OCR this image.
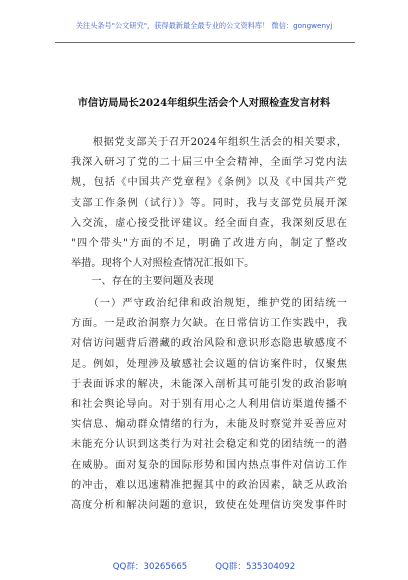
关注头条号"公文研究"，获得最新最全最专业的公文资料库！ 微信：gongwenyj
市信访局局长2024年组织生活会个人对照检查发言材料
　　根据党支部关于召开2024年组织生活会的相关要求，
我深入研习了党的二十届三中全会精神，全面学习党内法
规，包括《中国共产党章程》《条例》以及《中国共产党
支部工作条例（试行）》等。同时，我与支部党员展开深
入交流，虚心接受批评建议。经全面自查，我深刻反思在
"四个带头"方面的不足，明确了改进方向，制定了整改
举措。现将个人对照检查情况汇报如下。
　　一、存在的主要问题及表现
　　（一）严守政治纪律和政治规矩，维护党的团结统一
方面。一是政治洞察力欠缺。在日常信访工作实践中，我
对信访问题背后潜藏的政治风险和意识形态隐患敏感度不
足。例如，处理涉及敏感社会议题的信访案件时，仅聚焦
于表面诉求的解决，未能深入剖析其可能引发的政治影响
和社会舆论导向。对于别有用心之人利用信访渠道传播不
实信息、煽动群众情绪的行为，未能及时察觉并妥善应对
未能充分认识到这类行为对社会稳定和党的团结统一的潜
在威胁。面对复杂的国际形势和国内热点事件对信访工作
的冲击，难以迅速精准把握其中的政治因素，缺乏从政治
高度分析和解决问题的意识，致使在处理信访突发事件时
QQ群：30265665	QQ群：535304092
